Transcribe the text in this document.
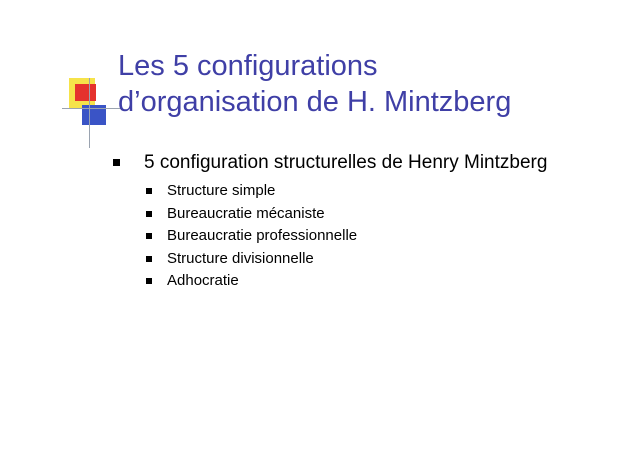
Les 5 configurations
d’organisation de H. Mintzberg
5 configuration structurelles de Henry Mintzberg
Structure simple
Bureaucratie mécaniste
Bureaucratie professionnelle
Structure divisionnelle
Adhocratie
